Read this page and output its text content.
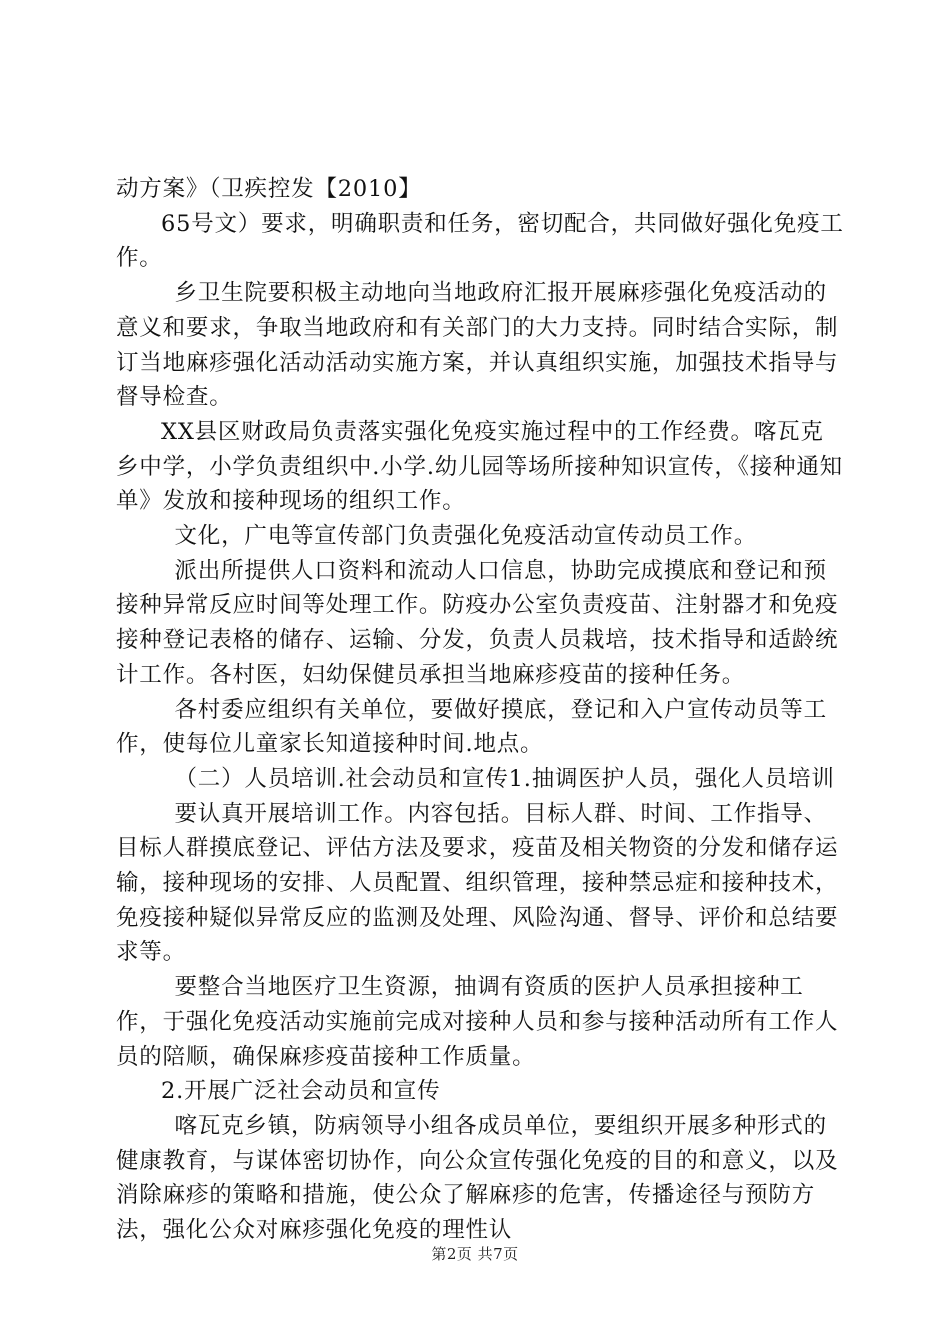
动方案》（卫疾控发【2010】

65号文）要求，明确职责和任务，密切配合，共同做好强化免疫工作。

乡卫生院要积极主动地向当地政府汇报开展麻疹强化免疫活动的意义和要求，争取当地政府和有关部门的大力支持。同时结合实际，制订当地麻疹强化活动活动实施方案，并认真组织实施，加强技术指导与督导检查。

XX县区财政局负责落实强化免疫实施过程中的工作经费。喀瓦克乡中学，小学负责组织中.小学.幼儿园等场所接种知识宣传，《接种通知单》发放和接种现场的组织工作。

文化，广电等宣传部门负责强化免疫活动宣传动员工作。

派出所提供人口资料和流动人口信息，协助完成摸底和登记和预接种异常反应时间等处理工作。防疫办公室负责疫苗、注射器才和免疫接种登记表格的储存、运输、分发，负责人员栽培，技术指导和适龄统计工作。各村医，妇幼保健员承担当地麻疹疫苗的接种任务。

各村委应组织有关单位，要做好摸底，登记和入户宣传动员等工作，使每位儿童家长知道接种时间.地点。

（二）人员培训.社会动员和宣传1.抽调医护人员，强化人员培训

要认真开展培训工作。内容包括。目标人群、时间、工作指导、目标人群摸底登记、评估方法及要求，疫苗及相关物资的分发和储存运输，接种现场的安排、人员配置、组织管理，接种禁忌症和接种技术，免疫接种疑似异常反应的监测及处理、风险沟通、督导、评价和总结要求等。

要整合当地医疗卫生资源，抽调有资质的医护人员承担接种工作，于强化免疫活动实施前完成对接种人员和参与接种活动所有工作人员的陪顺，确保麻疹疫苗接种工作质量。

2.开展广泛社会动员和宣传

喀瓦克乡镇，防病领导小组各成员单位，要组织开展多种形式的健康教育，与谋体密切协作，向公众宣传强化免疫的目的和意义，以及消除麻疹的策略和措施，使公众了解麻疹的危害，传播途径与预防方法，强化公众对麻疹强化免疫的理性认

第2页 共7页
